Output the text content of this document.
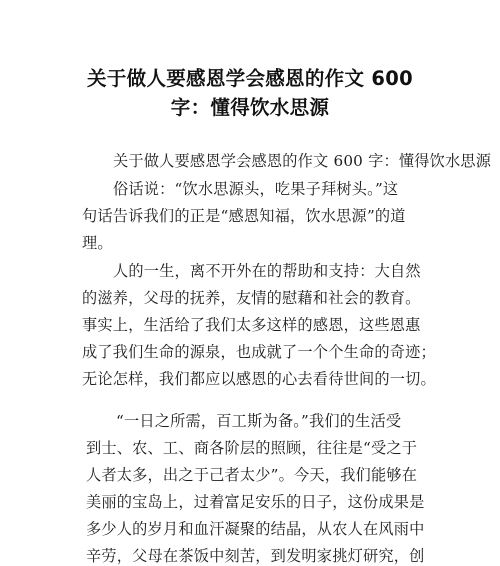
关于做人要感恩学会感恩的作文 600
字：懂得饮水思源
关于做人要感恩学会感恩的作文 600 字：懂得饮水思源
俗话说：“饮水思源头，吃果子拜树头。”这
句话告诉我们的正是“感恩知福，饮水思源”的道
理。
人的一生，离不开外在的帮助和支持：大自然
的滋养，父母的抚养，友情的慰藉和社会的教育。
事实上，生活给了我们太多这样的感恩，这些恩惠
成了我们生命的源泉，也成就了一个个生命的奇迹；
无论怎样，我们都应以感恩的心去看待世间的一切。
“一日之所需，百工斯为备。”我们的生活受
到士、农、工、商各阶层的照顾，往往是“受之于
人者太多，出之于己者太少”。今天，我们能够在
美丽的宝岛上，过着富足安乐的日子，这份成果是
多少人的岁月和血汗凝聚的结晶，从农人在风雨中
辛劳，父母在茶饭中刻苦，到发明家挑灯研究，创
